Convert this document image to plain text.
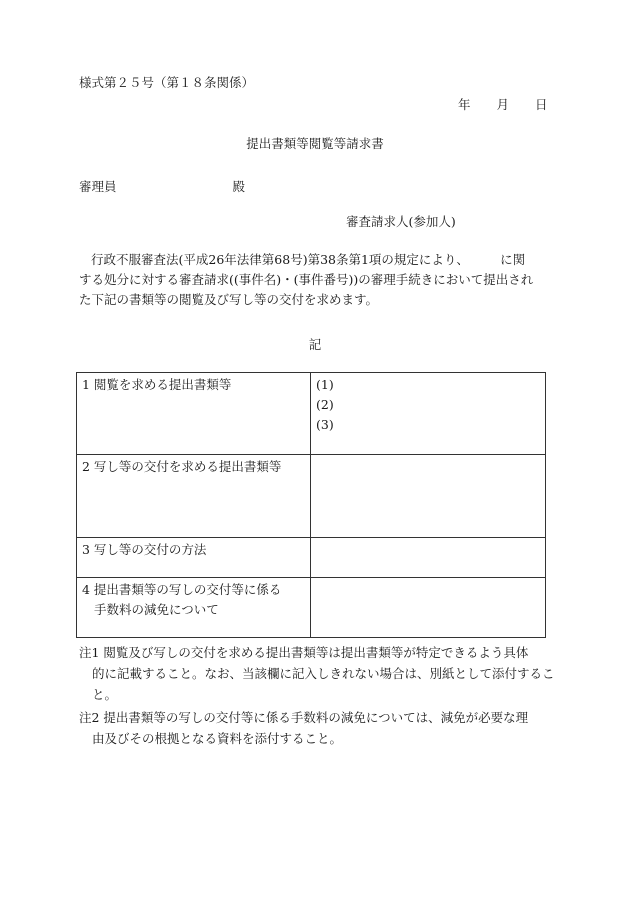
様式第２５号（第１８条関係）
年 月 日
提出書類等閲覧等請求書
審理員	殿
審査請求人(参加人)
行政不服審査法(平成26年法律第68号)第38条第1項の規定により、　　　に関
する処分に対する審査請求((事件名)・(事件番号))の審理手続きにおいて提出され
た下記の書類等の閲覧及び写し等の交付を求めます。
記
1 閲覧を求める提出書類等	(1)
(2)
(3)

2 写し等の交付を求める提出書類等	
3 写し等の交付の方法	

4 提出書類等の写しの交付等に係る
手数料の減免について	

注1 閲覧及び写しの交付を求める提出書類等は提出書類等が特定できるよう具体
的に記載すること。なお、当該欄に記入しきれない場合は、別紙として添付するこ
と。
注2 提出書類等の写しの交付等に係る手数料の減免については、減免が必要な理
由及びその根拠となる資料を添付すること。
